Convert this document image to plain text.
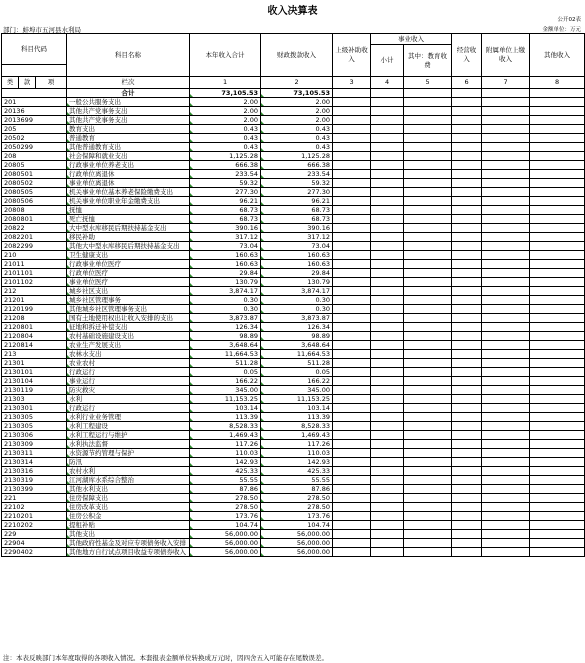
收入决算表
公开02表
部门：蚌埠市五河县水利局	金额单位：万元
科目代码			科目名称	本年收入合计	财政拨款收入	上级补助收入	事业收入		经营收入	附属单位上缴收入	其他收入
							小计	其中：教育收费			

类	款	项	栏次	1	2	3	4	5	6	7	8
			合计	73,105.53	73,105.53						
201			一般公共服务支出	2.00	2.00						
20136			其他共产党事务支出	2.00	2.00						
2013699			其他共产党事务支出	2.00	2.00						
205			教育支出	0.43	0.43						
20502			普通教育	0.43	0.43						
2050299			其他普通教育支出	0.43	0.43						
208			社会保障和就业支出	1,125.28	1,125.28						
20805			行政事业单位养老支出	666.38	666.38						
2080501			行政单位离退休	233.54	233.54						
2080502			事业单位离退休	59.32	59.32						
2080505			机关事业单位基本养老保险缴费支出	277.30	277.30						
2080506			机关事业单位职业年金缴费支出	96.21	96.21						
20808			抚恤	68.73	68.73						
2080801			死亡抚恤	68.73	68.73						
20822			大中型水库移民后期扶持基金支出	390.16	390.16						
2082201			移民补助	317.12	317.12						
2082299			其他大中型水库移民后期扶持基金支出	73.04	73.04						
210			卫生健康支出	160.63	160.63						
21011			行政事业单位医疗	160.63	160.63						
2101101			行政单位医疗	29.84	29.84						
2101102			事业单位医疗	130.79	130.79						
212			城乡社区支出	3,874.17	3,874.17						
21201			城乡社区管理事务	0.30	0.30						
2120199			其他城乡社区管理事务支出	0.30	0.30						
21208			国有土地使用权出让收入安排的支出	3,873.87	3,873.87						
2120801			征地和拆迁补偿支出	126.34	126.34						
2120804			农村基础设施建设支出	98.89	98.89						
2120814			农业生产发展支出	3,648.64	3,648.64						
213			农林水支出	11,664.53	11,664.53						
21301			农业农村	511.28	511.28						
2130101			行政运行	0.05	0.05						
2130104			事业运行	166.22	166.22						
2130119			防灾救灾	345.00	345.00						
21303			水利	11,153.25	11,153.25						
2130301			行政运行	103.14	103.14						
2130305			水利行业业务管理	113.39	113.39						
2130305			水利工程建设	8,528.33	8,528.33						
2130306			水利工程运行与维护	1,469.43	1,469.43						
2130309			水利执法监督	117.26	117.26						
2130311			水资源节约管理与保护	110.03	110.03						
2130314			防汛	142.93	142.93						
2130316			农村水利	425.33	425.33						
2130319			江河湖库水系综合整治	55.55	55.55						
2130399			其他水利支出	87.86	87.86						
221			住房保障支出	278.50	278.50						
22102			住房改革支出	278.50	278.50						
2210201			住房公积金	173.76	173.76						
2210202			提租补贴	104.74	104.74						
229			其他支出	56,000.00	56,000.00						
22904			其他政府性基金及对应专项债务收入安排	56,000.00	56,000.00						
2290402			其他地方自行试点项目收益专项债券收入	56,000.00	56,000.00						
注：本表反映部门本年度取得的各项收入情况。本套报表金额单位转换成万元时，因四舍五入可能存在尾数误差。
